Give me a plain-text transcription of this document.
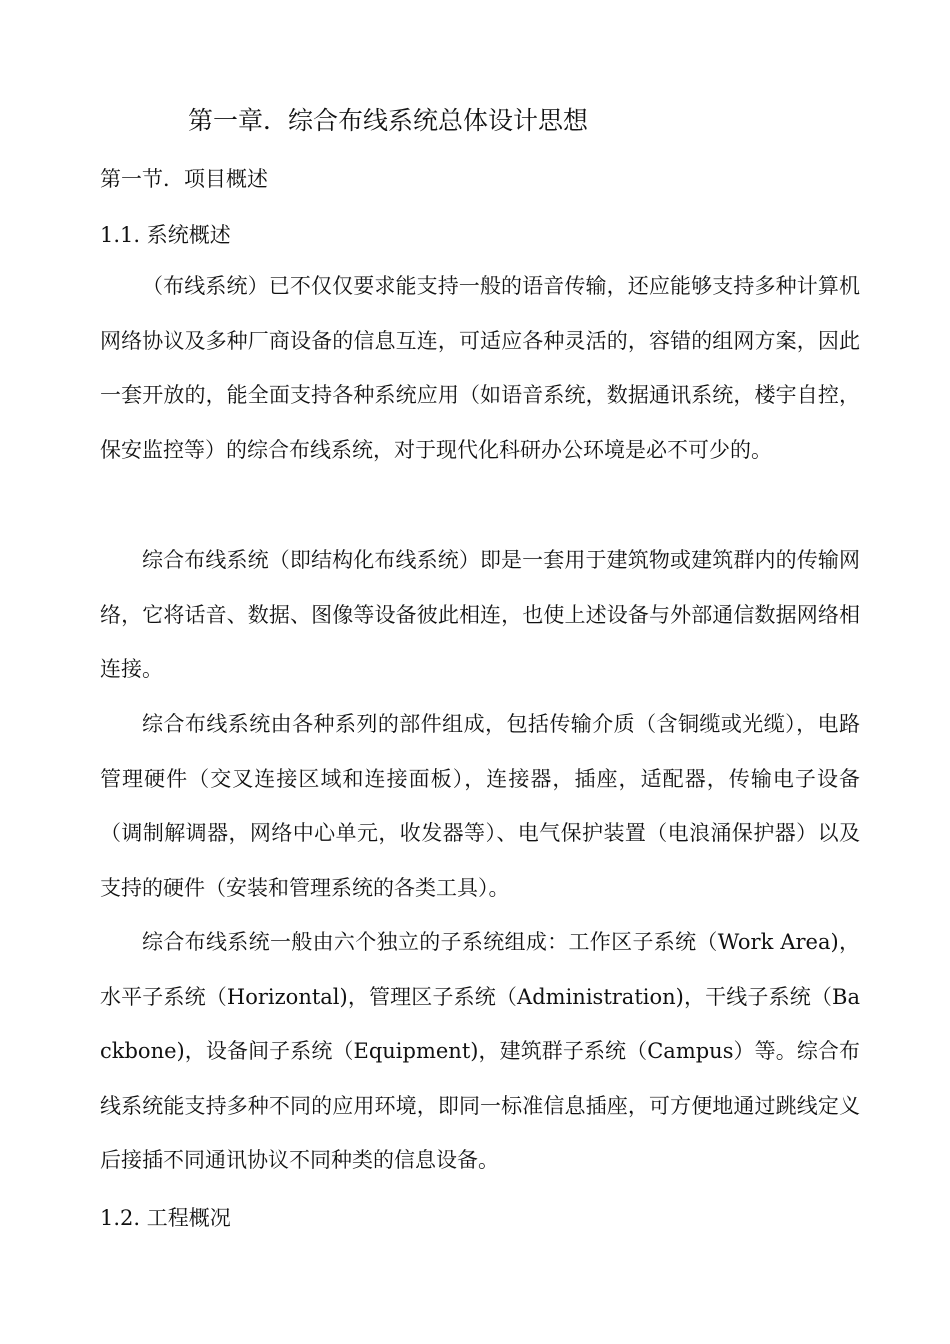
第一章．综合布线系统总体设计思想
第一节．项目概述
1.1. 系统概述

（布线系统）已不仅仅要求能支持一般的语音传输，还应能够支持多种计算机网络协议及多种厂商设备的信息互连，可适应各种灵活的，容错的组网方案，因此一套开放的，能全面支持各种系统应用（如语音系统，数据通讯系统，楼宇自控，保安监控等）的综合布线系统，对于现代化科研办公环境是必不可少的。

综合布线系统（即结构化布线系统）即是一套用于建筑物或建筑群内的传输网络，它将话音、数据、图像等设备彼此相连，也使上述设备与外部通信数据网络相连接。

综合布线系统由各种系列的部件组成，包括传输介质（含铜缆或光缆），电路管理硬件（交叉连接区域和连接面板），连接器，插座，适配器，传输电子设备（调制解调器，网络中心单元，收发器等）、电气保护装置（电浪涌保护器）以及支持的硬件（安装和管理系统的各类工具）。

综合布线系统一般由六个独立的子系统组成：工作区子系统（Work Area)，水平子系统（Horizontal)，管理区子系统（Administration)，干线子系统（Backbone)，设备间子系统（Equipment)，建筑群子系统（Campus）等。综合布线系统能支持多种不同的应用环境，即同一标准信息插座，可方便地通过跳线定义后接插不同通讯协议不同种类的信息设备。

1.2. 工程概况
